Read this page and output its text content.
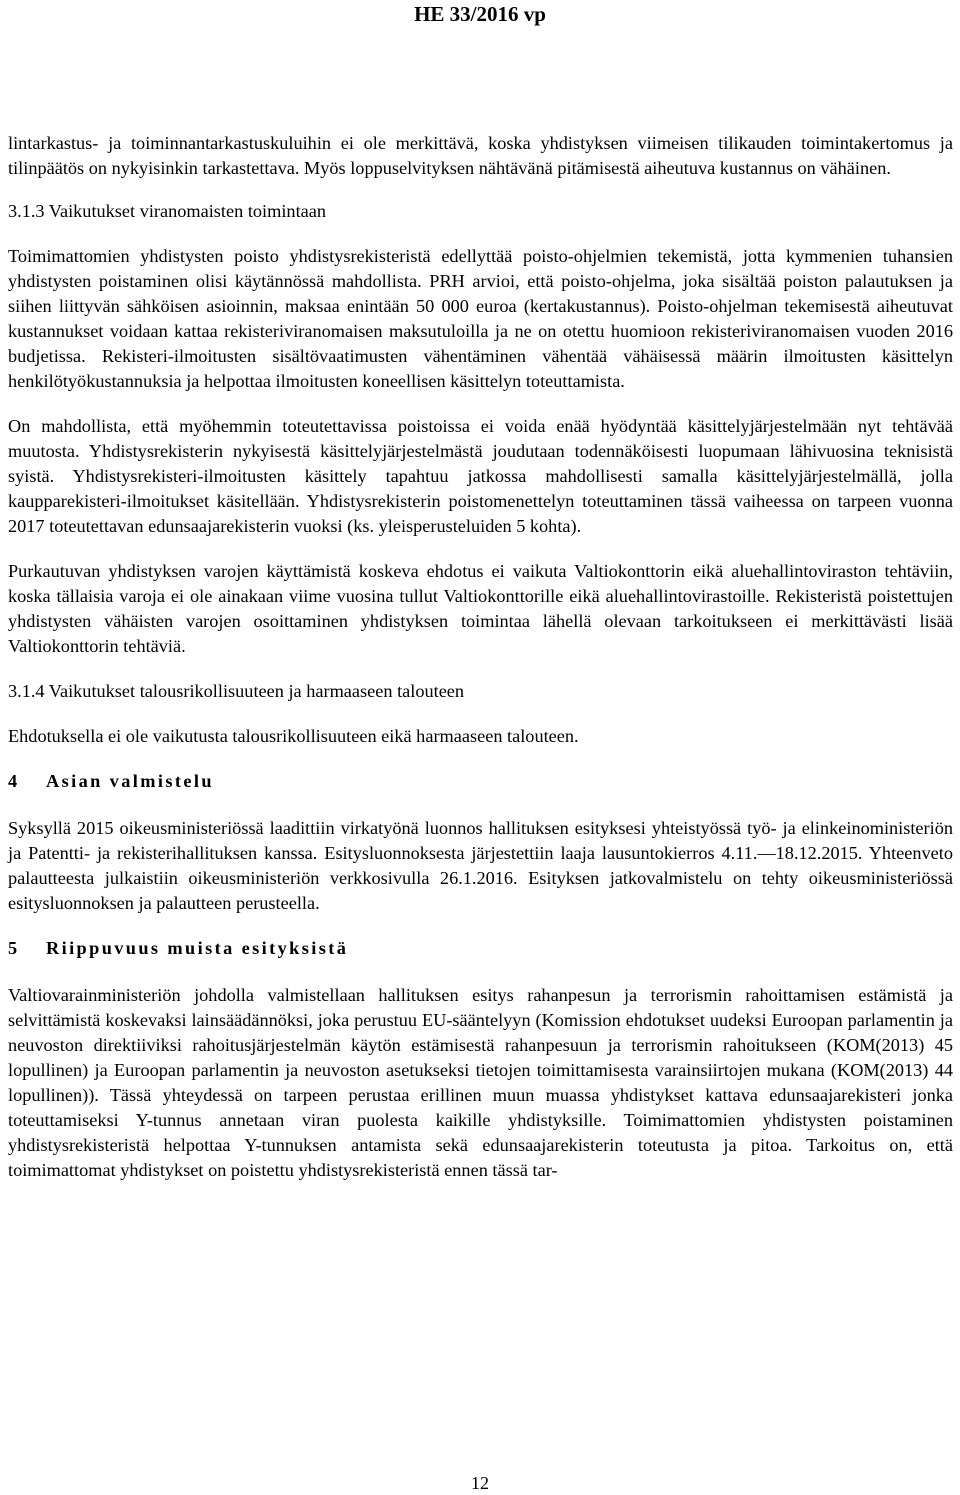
HE 33/2016 vp

lintarkastus- ja toiminnantarkastuskuluihin ei ole merkittävä, koska yhdistyksen viimeisen tilikauden toimintakertomus ja tilinpäätös on nykyisinkin tarkastettava. Myös loppuselvityksen nähtävänä pitämisestä aiheutuva kustannus on vähäinen.

3.1.3 Vaikutukset viranomaisten toimintaan

Toimimattomien yhdistysten poisto yhdistysrekisteristä edellyttää poisto-ohjelmien tekemistä, jotta kymmenien tuhansien yhdistysten poistaminen olisi käytännössä mahdollista. PRH arvioi, että poisto-ohjelma, joka sisältää poiston palautuksen ja siihen liittyvän sähköisen asioinnin, maksaa enintään 50 000 euroa (kertakustannus). Poisto-ohjelman tekemisestä aiheutuvat kustannukset voidaan kattaa rekisteriviranomaisen maksutuloilla ja ne on otettu huomioon rekisteriviranomaisen vuoden 2016 budjetissa. Rekisteri-ilmoitusten sisältövaatimusten vähentäminen vähentää vähäisessä määrin ilmoitusten käsittelyn henkilötyökustannuksia ja helpottaa ilmoitusten koneellisen käsittelyn toteuttamista.

On mahdollista, että myöhemmin toteutettavissa poistoissa ei voida enää hyödyntää käsittelyjärjestelmään nyt tehtävää muutosta. Yhdistysrekisterin nykyisestä käsittelyjärjestelmästä joudutaan todennäköisesti luopumaan lähivuosina teknisistä syistä. Yhdistysrekisteri-ilmoitusten käsittely tapahtuu jatkossa mahdollisesti samalla käsittelyjärjestelmällä, jolla kaupparekisteri-ilmoitukset käsitellään. Yhdistysrekisterin poistomenettelyn toteuttaminen tässä vaiheessa on tarpeen vuonna 2017 toteutettavan edunsaajarekisterin vuoksi (ks. yleisperusteluiden 5 kohta).

Purkautuvan yhdistyksen varojen käyttämistä koskeva ehdotus ei vaikuta Valtiokonttorin eikä aluehallintoviraston tehtäviin, koska tällaisia varoja ei ole ainakaan viime vuosina tullut Valtiokonttorille eikä aluehallintovirastoille. Rekisteristä poistettujen yhdistysten vähäisten varojen osoittaminen yhdistyksen toimintaa lähellä olevaan tarkoitukseen ei merkittävästi lisää Valtiokonttorin tehtäviä.

3.1.4 Vaikutukset talousrikollisuuteen ja harmaaseen talouteen

Ehdotuksella ei ole vaikutusta talousrikollisuuteen eikä harmaaseen talouteen.

4 Asian valmistelu

Syksyllä 2015 oikeusministeriössä laadittiin virkatyönä luonnos hallituksen esityksesi yhteistyössä työ- ja elinkeinoministeriön ja Patentti- ja rekisterihallituksen kanssa. Esitysluonnoksesta järjestettiin laaja lausuntokierros 4.11.—18.12.2015. Yhteenveto palautteesta julkaistiin oikeusministeriön verkkosivulla 26.1.2016. Esityksen jatkovalmistelu on tehty oikeusministeriössä esitysluonnoksen ja palautteen perusteella.

5 Riippuvuus muista esityksistä

Valtiovarainministeriön johdolla valmistellaan hallituksen esitys rahanpesun ja terrorismin rahoittamisen estämistä ja selvittämistä koskevaksi lainsäädännöksi, joka perustuu EU-sääntelyyn (Komission ehdotukset uudeksi Euroopan parlamentin ja neuvoston direktiiviksi rahoitusjärjestelmän käytön estämisestä rahanpesuun ja terrorismin rahoitukseen (KOM(2013) 45 lopullinen) ja Euroopan parlamentin ja neuvoston asetukseksi tietojen toimittamisesta varainsiirtojen mukana (KOM(2013) 44 lopullinen)). Tässä yhteydessä on tarpeen perustaa erillinen muun muassa yhdistykset kattava edunsaajarekisteri jonka toteuttamiseksi Y-tunnus annetaan viran puolesta kaikille yhdistyksille. Toimimattomien yhdistysten poistaminen yhdistysrekisteristä helpottaa Y-tunnuksen antamista sekä edunsaajarekisterin toteutusta ja pitoa. Tarkoitus on, että toimimattomat yhdistykset on poistettu yhdistysrekisteristä ennen tässä tar-

12
